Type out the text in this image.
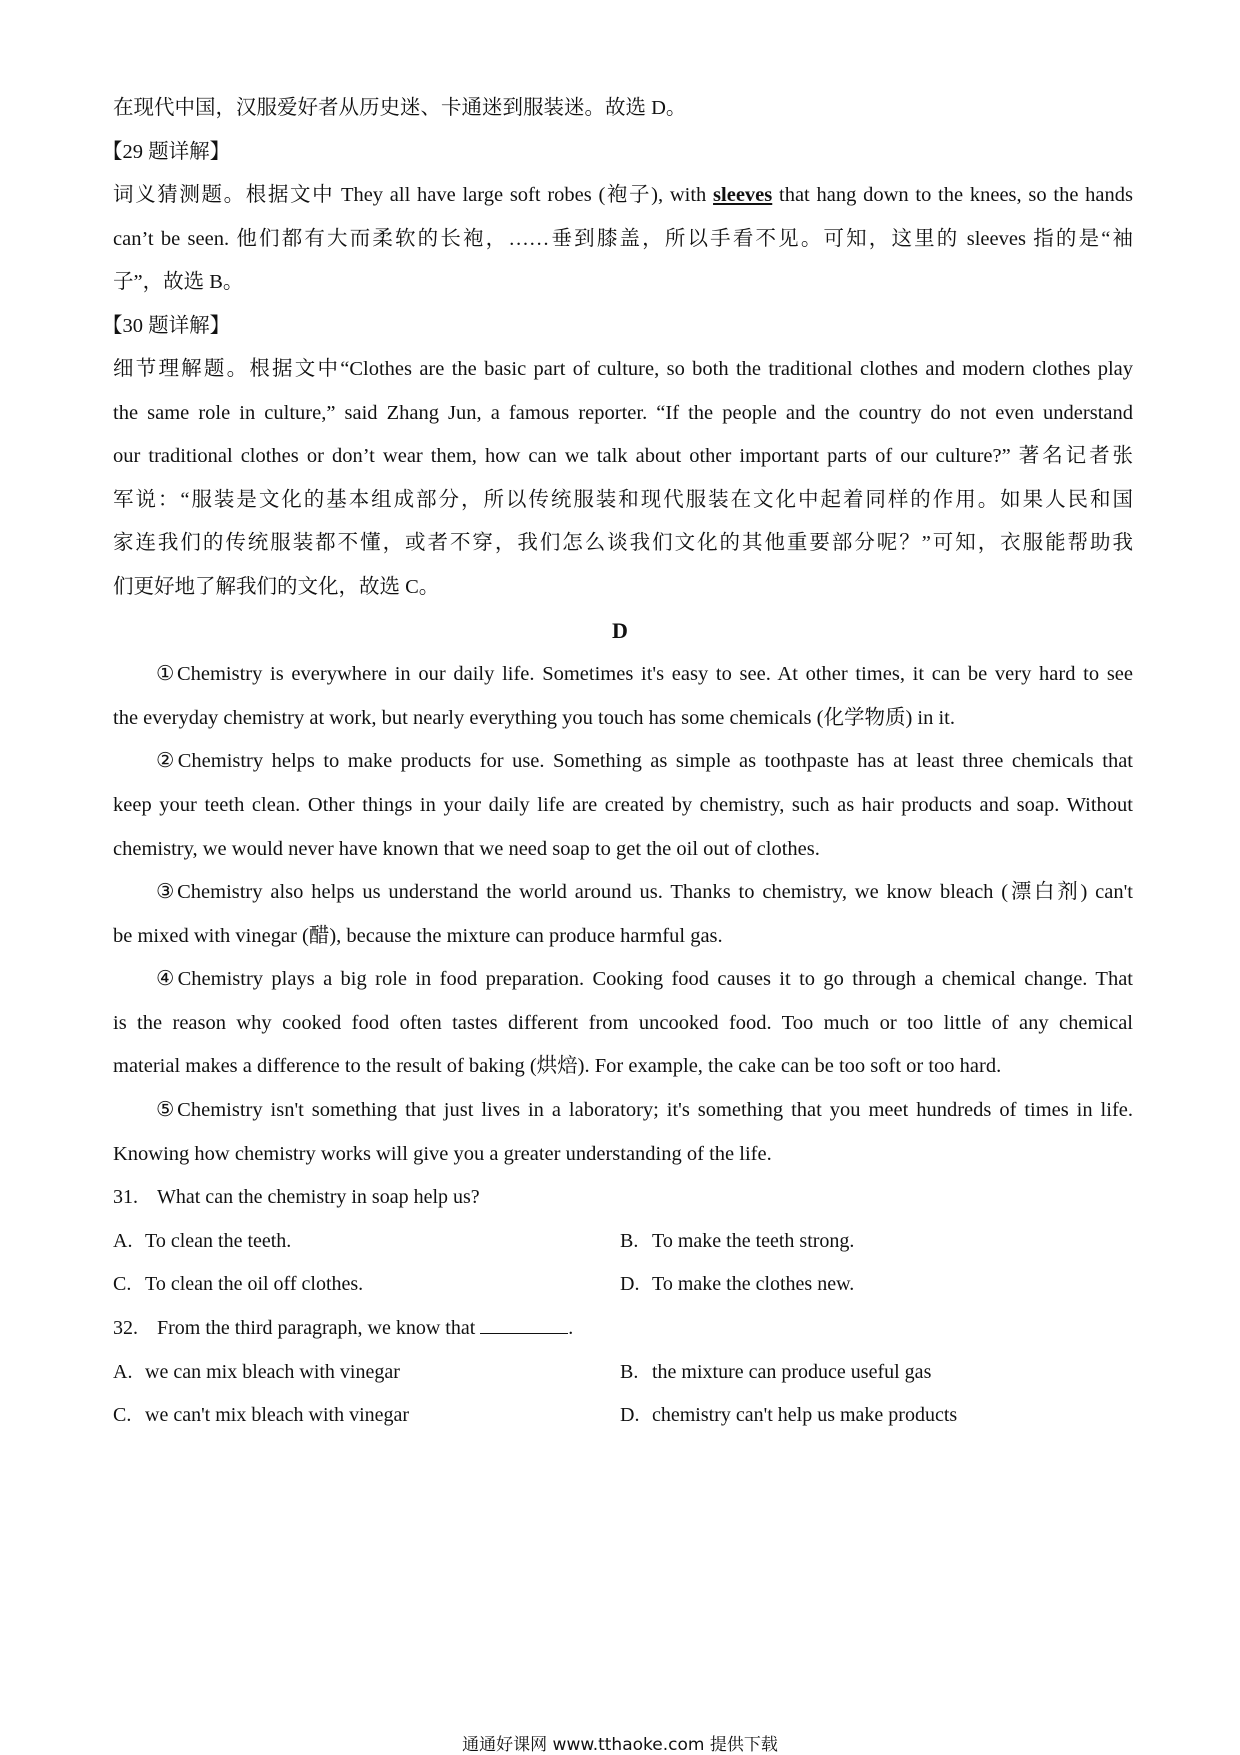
在现代中国，汉服爱好者从历史迷、卡通迷到服装迷。故选 D。
【29 题详解】
词义猜测题。根据文中 They all have large soft robes (袍子), with sleeves that hang down to the knees, so the hands
can’t be seen. 他们都有大而柔软的长袍，……垂到膝盖，所以手看不见。可知，这里的 sleeves 指的是“袖
子”，故选 B。
【30 题详解】
细节理解题。根据文中“Clothes are the basic part of culture, so both the traditional clothes and modern clothes play
the same role in culture,” said Zhang Jun, a famous reporter. “If the people and the country do not even understand
our traditional clothes or don’t wear them, how can we talk about other important parts of our culture?” 著名记者张
军说：“服装是文化的基本组成部分，所以传统服装和现代服装在文化中起着同样的作用。如果人民和国
家连我们的传统服装都不懂，或者不穿，我们怎么谈我们文化的其他重要部分呢？”可知，衣服能帮助我
们更好地了解我们的文化，故选 C。
D
①Chemistry is everywhere in our daily life. Sometimes it's easy to see. At other times, it can be very hard to see
the everyday chemistry at work, but nearly everything you touch has some chemicals (化学物质) in it.
②Chemistry helps to make products for use. Something as simple as toothpaste has at least three chemicals that
keep your teeth clean. Other things in your daily life are created by chemistry, such as hair products and soap. Without
chemistry, we would never have known that we need soap to get the oil out of clothes.
③Chemistry also helps us understand the world around us. Thanks to chemistry, we know bleach (漂白剂) can't
be mixed with vinegar (醋), because the mixture can produce harmful gas.
④Chemistry plays a big role in food preparation. Cooking food causes it to go through a chemical change. That
is the reason why cooked food often tastes different from uncooked food. Too much or too little of any chemical
material makes a difference to the result of baking (烘焙). For example, the cake can be too soft or too hard.
⑤Chemistry isn't something that just lives in a laboratory; it's something that you meet hundreds of times in life.
Knowing how chemistry works will give you a greater understanding of the life.
31. What can the chemistry in soap help us?
A. To clean the teeth.	B. To make the teeth strong.
C. To clean the oil off clothes.	D. To make the clothes new.
32. From the third paragraph, we know that	.
A. we can mix bleach with vinegar	B. the mixture can produce useful gas
C. we can't mix bleach with vinegar	D. chemistry can't help us make products
通通好课网 www.tthaoke.com 提供下载
